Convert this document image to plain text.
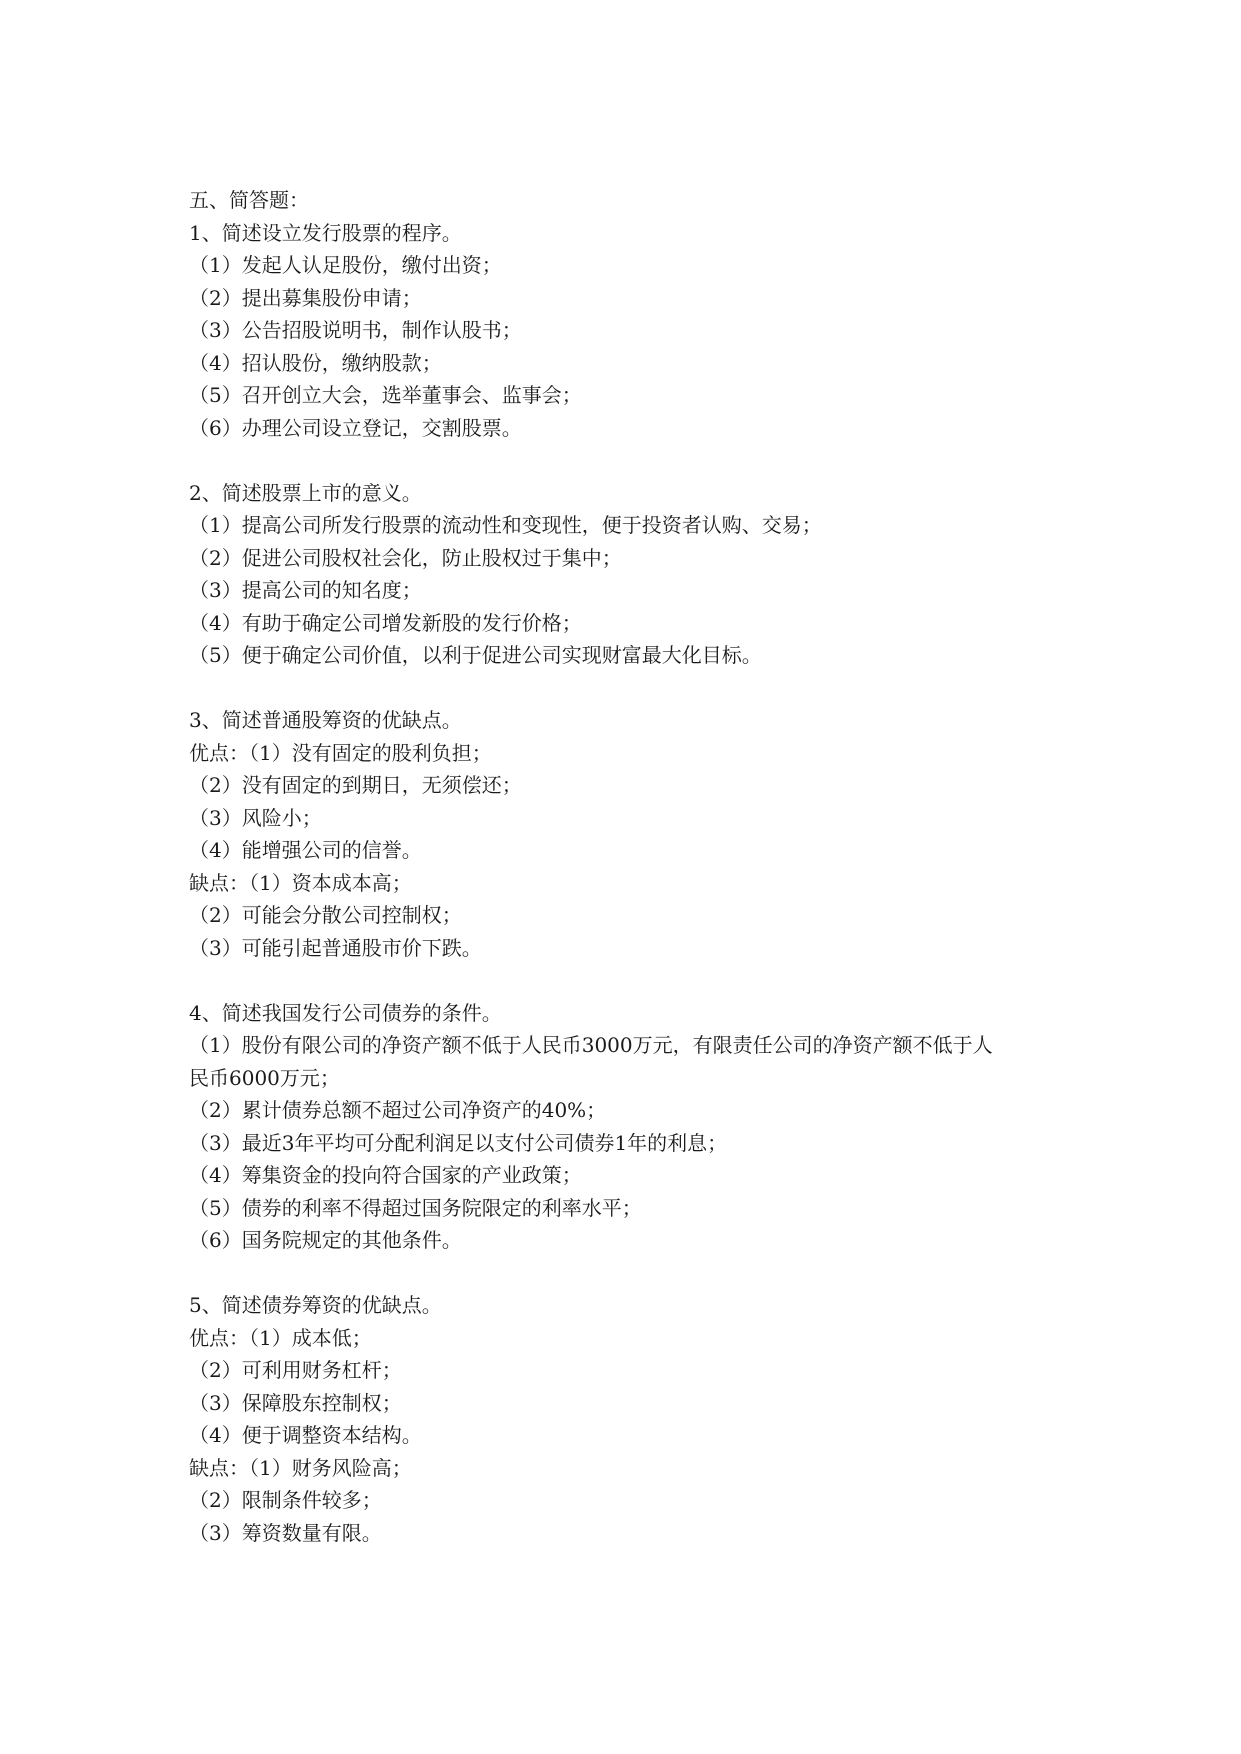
五、简答题：
1、简述设立发行股票的程序。
（1）发起人认足股份，缴付出资；
（2）提出募集股份申请；
（3）公告招股说明书，制作认股书；
（4）招认股份，缴纳股款；
（5）召开创立大会，选举董事会、监事会；
（6）办理公司设立登记，交割股票。
2、简述股票上市的意义。
（1）提高公司所发行股票的流动性和变现性，便于投资者认购、交易；
（2）促进公司股权社会化，防止股权过于集中；
（3）提高公司的知名度；
（4）有助于确定公司增发新股的发行价格；
（5）便于确定公司价值，以利于促进公司实现财富最大化目标。
3、简述普通股筹资的优缺点。
优点：（1）没有固定的股利负担；
（2）没有固定的到期日，无须偿还；
（3）风险小；
（4）能增强公司的信誉。
缺点：（1）资本成本高；
（2）可能会分散公司控制权；
（3）可能引起普通股市价下跌。
4、简述我国发行公司债券的条件。
（1）股份有限公司的净资产额不低于人民币3000万元，有限责任公司的净资产额不低于人
民币6000万元；
（2）累计债券总额不超过公司净资产的40%；
（3）最近3年平均可分配利润足以支付公司债券1年的利息；
（4）筹集资金的投向符合国家的产业政策；
（5）债券的利率不得超过国务院限定的利率水平；
（6）国务院规定的其他条件。
5、简述债券筹资的优缺点。
优点：（1）成本低；
（2）可利用财务杠杆；
（3）保障股东控制权；
（4）便于调整资本结构。
缺点：（1）财务风险高；
（2）限制条件较多；
（3）筹资数量有限。
